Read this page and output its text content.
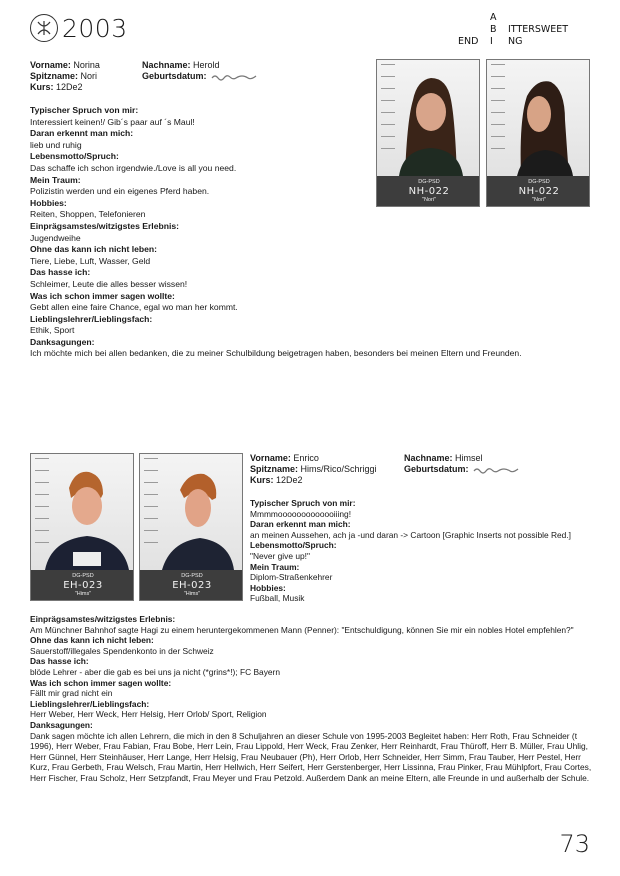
2003	A
B ITTERSWEET
END I NG
Vorname: Norina	Nachname: Herold
Spitzname: Nori	Geburtsdatum:
Kurs: 12De2
Typischer Spruch von mir:
Interessiert keinen!/ Gib´s paar auf ´s Maul!
Daran erkennt man mich:
lieb und ruhig
Lebensmotto/Spruch:
Das schaffe ich schon irgendwie./Love is all you need.
Mein Traum:
Polizistin werden und ein eigenes Pferd haben.
Hobbies:
Reiten, Shoppen, Telefonieren
Einprägsamstes/witzigstes Erlebnis:
Jugendweihe
Ohne das kann ich nicht leben:
Tiere, Liebe, Luft, Wasser, Geld
Das hasse ich:
Schleimer, Leute die alles besser wissen!
Was ich schon immer sagen wollte:
Gebt allen eine faire Chance, egal wo man her kommt.
Lieblingslehrer/Lieblingsfach:
Ethik, Sport
Danksagungen:
Ich möchte mich bei allen bedanken, die zu meiner Schulbildung beigetragen haben, besonders bei meinen Eltern und Freunden.
DG-PSD
NH-022
"Nori"
DG-PSD
NH-022
"Nori"
DG-PSD
EH-023
"Hims"
DG-PSD
EH-023
"Hims"
Vorname: Enrico	Nachname: Himsel
Spitzname: Hims/Rico/Schriggi	Geburtsdatum:
Kurs: 12De2
Typischer Spruch von mir:
Mmmmooooooooooooiiing!
Daran erkennt man mich:
an meinen Aussehen, ach ja -und daran -> Cartoon [Graphic Inserts not possible Red.]
Lebensmotto/Spruch:
"Never give up!"
Mein Traum:
Diplom-Straßenkehrer
Hobbies:
Fußball, Musik
Einprägsamstes/witzigstes Erlebnis:
Am Münchner Bahnhof sagte Hagi zu einem heruntergekommenen Mann (Penner): "Entschuldigung, können Sie mir ein nobles Hotel empfehlen?"
Ohne das kann ich nicht leben:
Sauerstoff/illegales Spendenkonto in der Schweiz
Das hasse ich:
blöde Lehrer - aber die gab es bei uns ja nicht (*grins*!); FC Bayern
Was ich schon immer sagen wollte:
Fällt mir grad nicht ein
Lieblingslehrer/Lieblingsfach:
Herr Weber, Herr Weck, Herr Helsig, Herr Orlob/ Sport, Religion
Danksagungen:
Dank sagen möchte ich allen Lehrern, die mich in den 8 Schuljahren an dieser Schule von 1995-2003 Begleitet haben: Herr Roth, Frau Schneider (t 1996), Herr Weber, Frau Fabian, Frau Bobe, Herr Lein, Frau Lippold, Herr Weck, Frau Zenker, Herr Reinhardt, Frau Thüroff, Herr B. Müller, Frau Uhlig, Herr Günnel, Herr Steinhäuser, Herr Lange, Herr Helsig, Frau Neubauer (Ph), Herr Orlob, Herr Schneider, Herr Simm, Frau Tauber, Herr Pestel, Herr Kurz, Frau Gerbeth, Frau Welsch, Frau Martin, Herr Hellwich, Herr Seifert, Herr Gerstenberger, Herr Lissinna, Frau Pinker, Frau Mühlpfort, Frau Cortes, Herr Fischer, Frau Scholz, Herr Setzpfandt, Frau Meyer und Frau Petzold. Außerdem Dank an meine Eltern, alle Freunde in und außerhalb der Schule.
73
